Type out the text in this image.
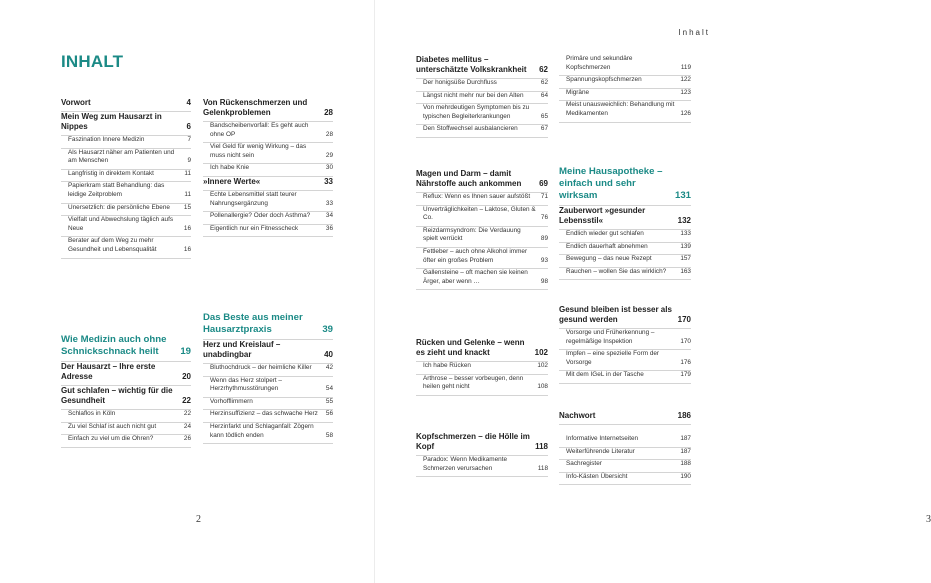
INHALT
Vorwort	4
Mein Weg zum Hausarzt in Nippes	6
Faszination Innere Medizin	7
Als Hausarzt näher am Patienten und am Menschen	9
Langfristig in direktem Kontakt	11
Papierkram statt Behandlung: das leidige Zeitproblem	11
Unersetzlich: die persönliche Ebene	15
Vielfalt und Abwechslung täglich aufs Neue	16
Berater auf dem Weg zu mehr Gesundheit und Lebensqualität	16
Wie Medizin auch ohne Schnickschnack heilt	19
Der Hausarzt – Ihre erste Adresse	20
Gut schlafen – wichtig für die Gesundheit	22
Schlaflos in Köln	22
Zu viel Schlaf ist auch nicht gut	24
Einfach zu viel um die Ohren?	26
Von Rückenschmerzen und Gelenkproblemen	28
Bandscheibenvorfall: Es geht auch ohne OP	28
Viel Geld für wenig Wirkung – das muss nicht sein	29
Ich habe Knie	30
»Innere Werte«	33
Echte Lebensmittel statt teurer Nahrungsergänzung	33
Pollenallergie? Oder doch Asthma?	34
Eigentlich nur ein Fitnesscheck	36
Das Beste aus meiner Hausarztpraxis	39
Herz und Kreislauf – unabdingbar	40
Bluthochdruck – der heimliche Killer	42
Wenn das Herz stolpert – Herzrhythmusstörungen	54
Vorhofflimmern	55
Herzinsuffizienz – das schwache Herz	56
Herzinfarkt und Schlaganfall: Zögern kann tödlich enden	58
2
Inhalt
Diabetes mellitus – unterschätzte Volkskrankheit	62
Der honigsüße Durchfluss	62
Längst nicht mehr nur bei den Alten	64
Von mehrdeutigen Symptomen bis zu typischen Begleiterkrankungen	65
Den Stoffwechsel ausbalancieren	67
Magen und Darm – damit Nährstoffe auch ankommen	69
Reflux: Wenn es Ihnen sauer aufstößt	71
Unverträglichkeiten – Laktose, Gluten & Co.	76
Reizdarmsyndrom: Die Verdauung spielt verrückt	89
Fettleber – auch ohne Alkohol immer öfter ein großes Problem	93
Gallensteine – oft machen sie keinen Ärger, aber wenn …	98
Rücken und Gelenke – wenn es zieht und knackt	102
Ich habe Rücken	102
Arthrose – besser vorbeugen, denn heilen geht nicht	108
Kopfschmerzen – die Hölle im Kopf	118
Paradox: Wenn Medikamente Schmerzen verursachen	118
Primäre und sekundäre Kopfschmerzen	119
Spannungskopfschmerzen	122
Migräne	123
Meist unausweichlich: Behandlung mit Medikamenten	126
Meine Hausapotheke – einfach und sehr wirksam	131
Zauberwort »gesunder Lebensstil«	132
Endlich wieder gut schlafen	133
Endlich dauerhaft abnehmen	139
Bewegung – das neue Rezept	157
Rauchen – wollen Sie das wirklich?	163
Gesund bleiben ist besser als gesund werden	170
Vorsorge und Früherkennung – regelmäßige Inspektion	170
Impfen – eine spezielle Form der Vorsorge	176
Mit dem IGeL in der Tasche	179
Nachwort	186
Informative Internetseiten	187
Weiterführende Literatur	187
Sachregister	188
Info-Kästen Übersicht	190
3
